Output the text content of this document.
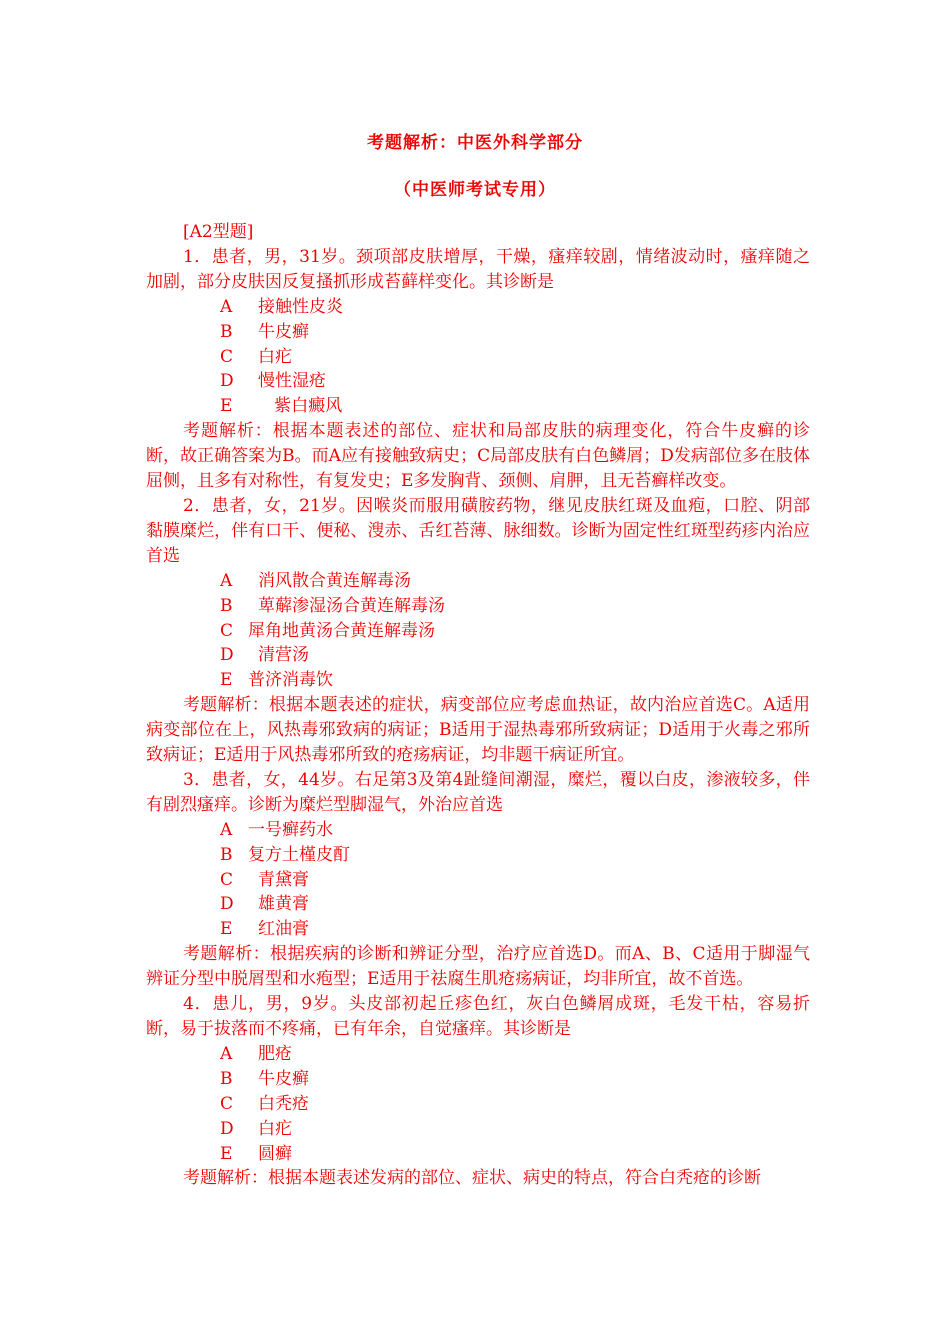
考题解析：中医外科学部分
（中医师考试专用）
[A2型题]
1．患者，男，31岁。颈项部皮肤增厚，干燥，瘙痒较剧，情绪波动时，瘙痒随之加剧，部分皮肤因反复搔抓形成苔藓样变化。其诊断是
A 接触性皮炎
B 牛皮癣
C 白疕
D 慢性湿疮
E   紫白癜风
考题解析：根据本题表述的部位、症状和局部皮肤的病理变化，符合牛皮癣的诊断，故正确答案为B。而A应有接触致病史；C局部皮肤有白色鳞屑；D发病部位多在肢体屈侧，且多有对称性，有复发史；E多发胸背、颈侧、肩胛，且无苔癣样改变。
2．患者，女，21岁。因喉炎而服用磺胺药物，继见皮肤红斑及血疱，口腔、阴部黏膜糜烂，伴有口干、便秘、溲赤、舌红苔薄、脉细数。诊断为固定性红斑型药疹内治应首选
A 消风散合黄连解毒汤
B 萆薢渗湿汤合黄连解毒汤
C 犀角地黄汤合黄连解毒汤
D 清营汤
E 普济消毒饮
考题解析：根据本题表述的症状，病变部位应考虑血热证，故内治应首选C。A适用病变部位在上，风热毒邪致病的病证；B适用于湿热毒邪所致病证；D适用于火毒之邪所致病证；E适用于风热毒邪所致的疮疡病证，均非题干病证所宜。
3．患者，女，44岁。右足第3及第4趾缝间潮湿，糜烂，覆以白皮，渗液较多，伴有剧烈瘙痒。诊断为糜烂型脚湿气，外治应首选
A 一号癣药水
B 复方土槿皮酊
C 青黛膏
D 雄黄膏
E 红油膏
考题解析：根据疾病的诊断和辨证分型，治疗应首选D。而A、B、C适用于脚湿气辨证分型中脱屑型和水疱型；E适用于祛腐生肌疮疡病证，均非所宜，故不首选。
4．患儿，男，9岁。头皮部初起丘疹色红，灰白色鳞屑成斑，毛发干枯，容易折断，易于拔落而不疼痛，已有年余，自觉瘙痒。其诊断是
A 肥疮
B 牛皮癣
C 白秃疮
D 白疕
E 圆癣
考题解析：根据本题表述发病的部位、症状、病史的特点，符合白秃疮的诊断
